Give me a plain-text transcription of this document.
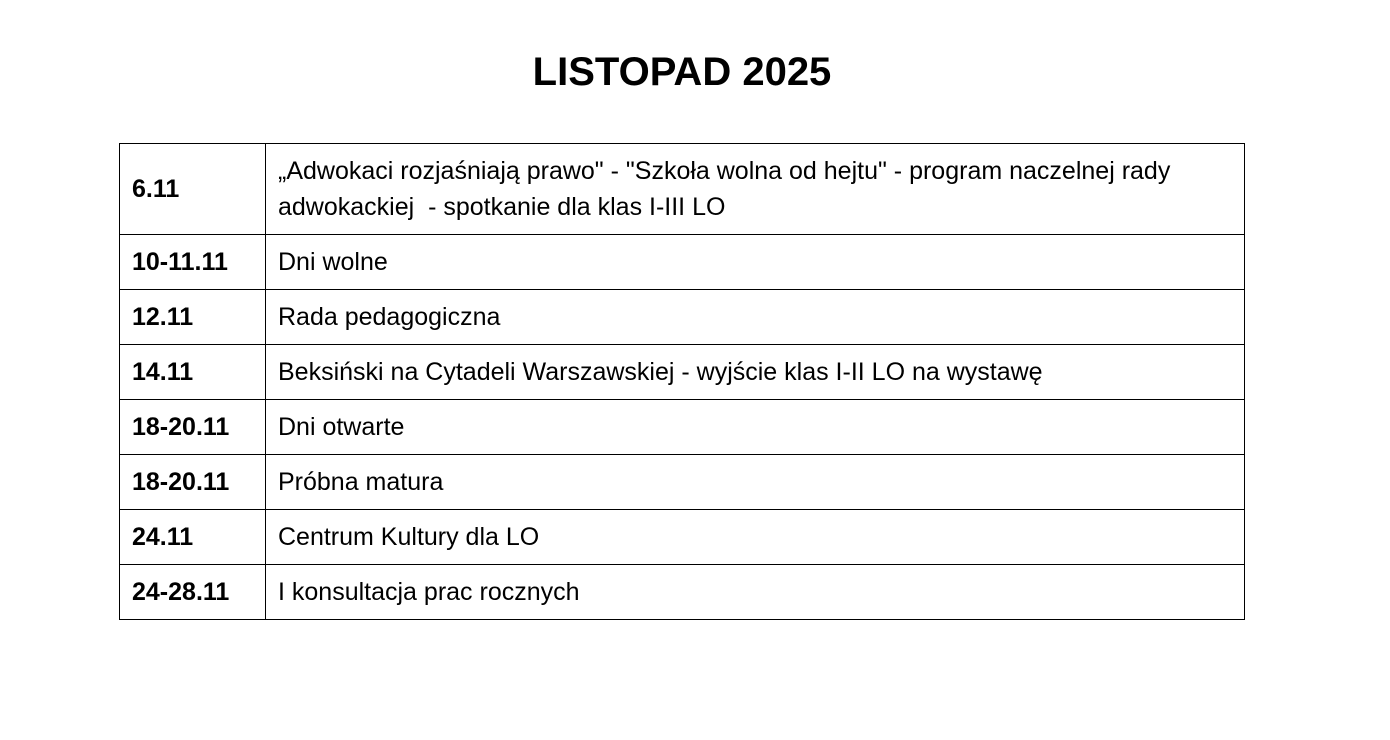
LISTOPAD 2025
6.11	„Adwokaci rozjaśniają prawo" - "Szkoła wolna od hejtu" - program naczelnej rady adwokackiej  - spotkanie dla klas I-III LO
10-11.11	Dni wolne
12.11	Rada pedagogiczna
14.11	Beksiński na Cytadeli Warszawskiej - wyjście klas I-II LO na wystawę
18-20.11	Dni otwarte
18-20.11	Próbna matura
24.11	Centrum Kultury dla LO
24-28.11	I konsultacja prac rocznych
